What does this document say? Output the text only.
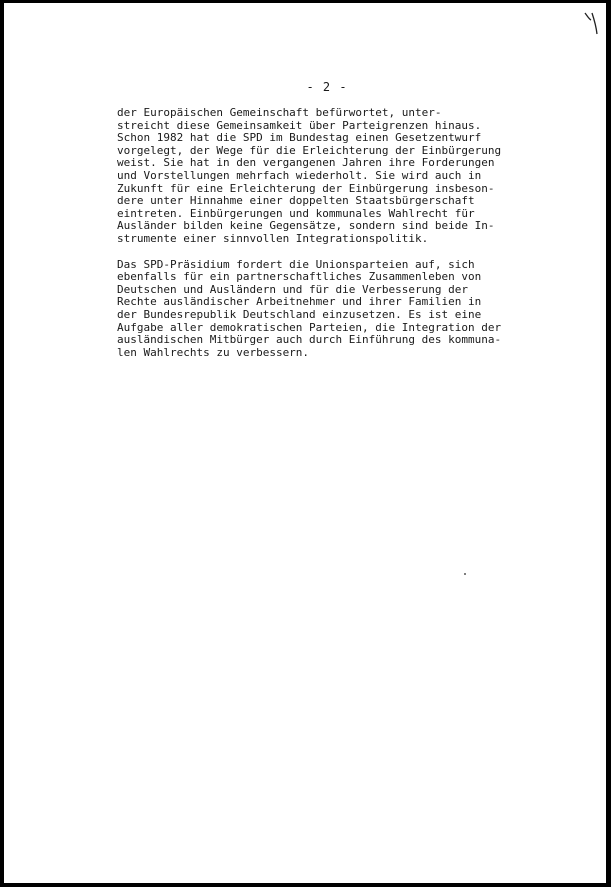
- 2 -

der Europäischen Gemeinschaft befürwortet, unter-
streicht diese Gemeinsamkeit über Parteigrenzen hinaus.
Schon 1982 hat die SPD im Bundestag einen Gesetzentwurf
vorgelegt, der Wege für die Erleichterung der Einbürgerung
weist. Sie hat in den vergangenen Jahren ihre Forderungen
und Vorstellungen mehrfach wiederholt. Sie wird auch in
Zukunft für eine Erleichterung der Einbürgerung insbeson-
dere unter Hinnahme einer doppelten Staatsbürgerschaft
eintreten. Einbürgerungen und kommunales Wahlrecht für
Ausländer bilden keine Gegensätze, sondern sind beide In-
strumente einer sinnvollen Integrationspolitik.

Das SPD-Präsidium fordert die Unionsparteien auf, sich
ebenfalls für ein partnerschaftliches Zusammenleben von
Deutschen und Ausländern und für die Verbesserung der
Rechte ausländischer Arbeitnehmer und ihrer Familien in
der Bundesrepublik Deutschland einzusetzen. Es ist eine
Aufgabe aller demokratischen Parteien, die Integration der
ausländischen Mitbürger auch durch Einführung des kommuna-
len Wahlrechts zu verbessern.
